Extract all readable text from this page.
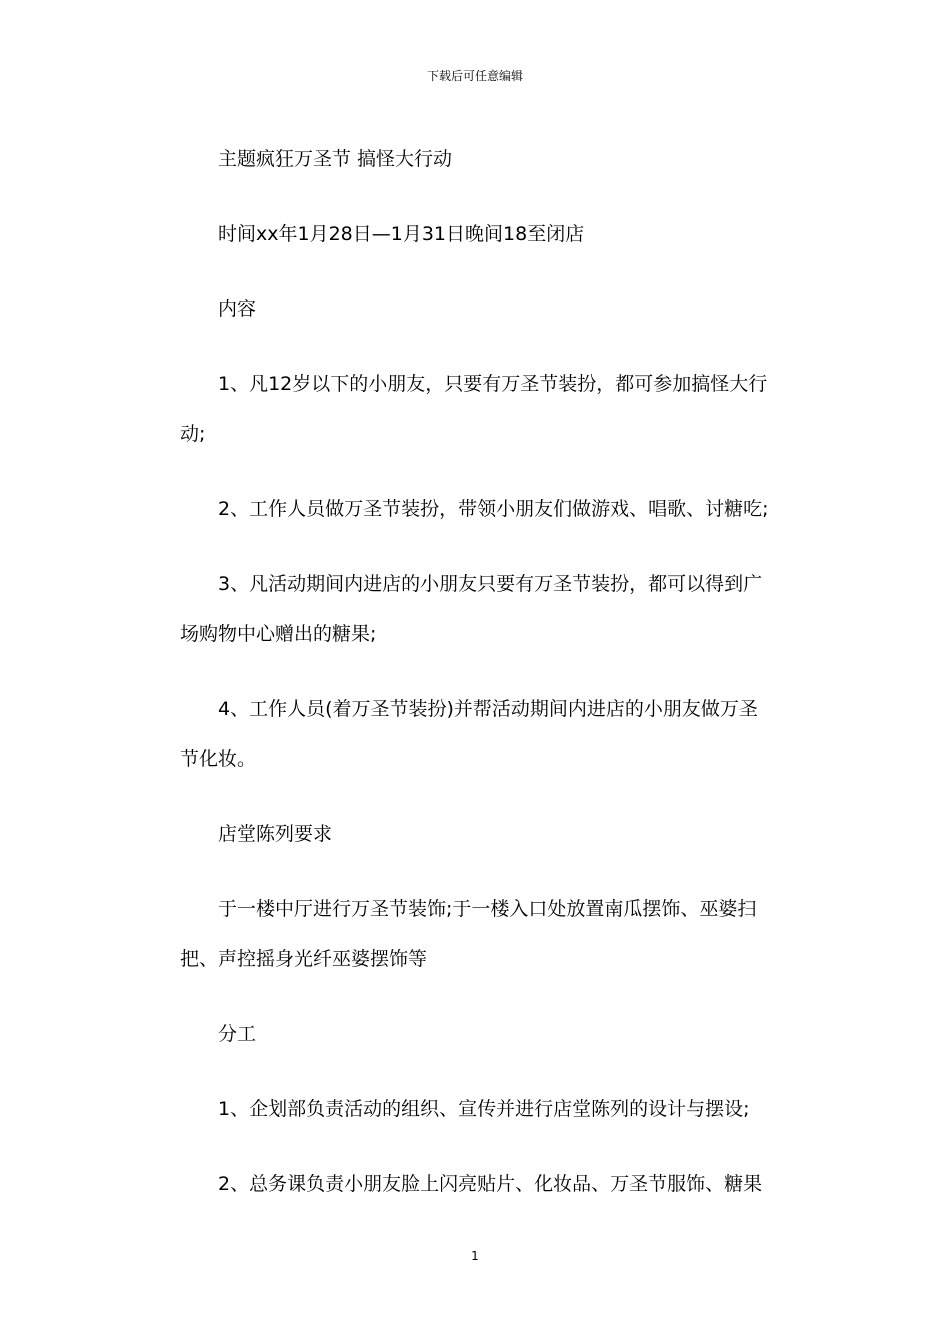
下载后可任意编辑

主题疯狂万圣节 搞怪大行动

时间xx年1月28日—1月31日晚间18至闭店

内容

1、凡12岁以下的小朋友，只要有万圣节装扮，都可参加搞怪大行动;

2、工作人员做万圣节装扮，带领小朋友们做游戏、唱歌、讨糖吃;

3、凡活动期间内进店的小朋友只要有万圣节装扮，都可以得到广场购物中心赠出的糖果;

4、工作人员(着万圣节装扮)并帮活动期间内进店的小朋友做万圣节化妆。

店堂陈列要求

于一楼中厅进行万圣节装饰;于一楼入口处放置南瓜摆饰、巫婆扫把、声控摇身光纤巫婆摆饰等

分工

1、企划部负责活动的组织、宣传并进行店堂陈列的设计与摆设;

2、总务课负责小朋友脸上闪亮贴片、化妆品、万圣节服饰、糖果

1
